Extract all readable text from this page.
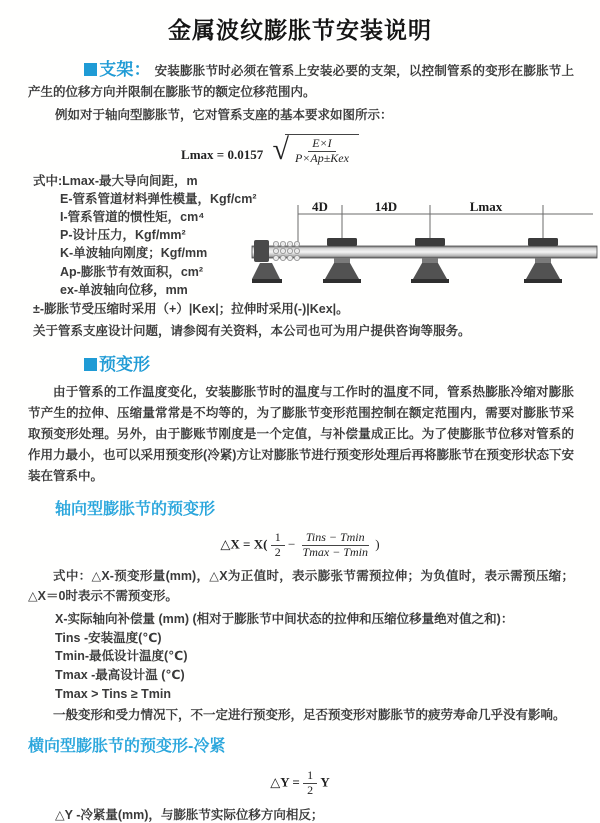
金属波纹膨胀节安装说明

支架： 安装膨胀节时必须在管系上安装必要的支架，以控制管系的变形在膨胀节上产生的位移方向并限制在膨胀节的额定位移范围内。

例如对于轴向型膨胀节，它对管系支座的基本要求如图所示：

Lmax = 0.0157 √ $\frac{E\times I}{\text{P×Ap±Kex}}$

式中:Lmax-最大导向间距，m

E-管系管道材料弹性模量，Kgf/cm²

I-管系管道的惯性矩，cm⁴

P-设计压力，Kgf/mm²

K-单波轴向刚度；Kgf/mm

Ap-膨胀节有效面积，cm²

ex-单波轴向位移，mm

±-膨胀节受压缩时采用（+）|Kex|；拉伸时采用(-)|Kex|。

关于管系支座设计问题，请参阅有关资料，本公司也可为用户提供咨询等服务。

4D	14D	Lmax
预变形

由于管系的工作温度变化，安装膨胀节时的温度与工作时的温度不同，管系热膨胀冷缩对膨胀节产生的拉伸、压缩量常常是不均等的，为了膨胀节变形范围控制在额定范围内，需要对膨胀节采取预变形处理。另外，由于膨账节刚度是一个定值，与补偿量成正比。为了使膨胀节位移对管系的作用力最小，也可以采用预变形(冷紧)方让对膨胀节进行预变形处理后再将膨胀节在预变形状态下安装在管系中。

轴向型膨胀节的预变形
△X = $X( \frac{1}{2} - \frac{\text{Tins − Tmin}}{Tmax - Tmin}$ )

式中：△X-预变形量(mm)，△X为正值时，表示膨张节需预拉伸；为负值时，表示需预压缩；△X＝0时表示不需预变形。

X-实际轴向补偿量 (mm) (相对于膨胀节中间状态的拉伸和压缩位移量绝对值之和)：

Tins -安装温度(℃)

Tmin-最低设计温度(℃)

Tmax -最高设计温 (℃)

Tmax > Tins ≥ Tmin

一般变形和受力情况下，不一定进行预变形，足否预变形对膨胀节的疲劳寿命几乎没有影响。

横向型膨胀节的预变形-冷紧
△Y = $\frac{1}{2}$ Y

△Y -冷紧量(mm)，与膨胀节实际位移方向相反；
